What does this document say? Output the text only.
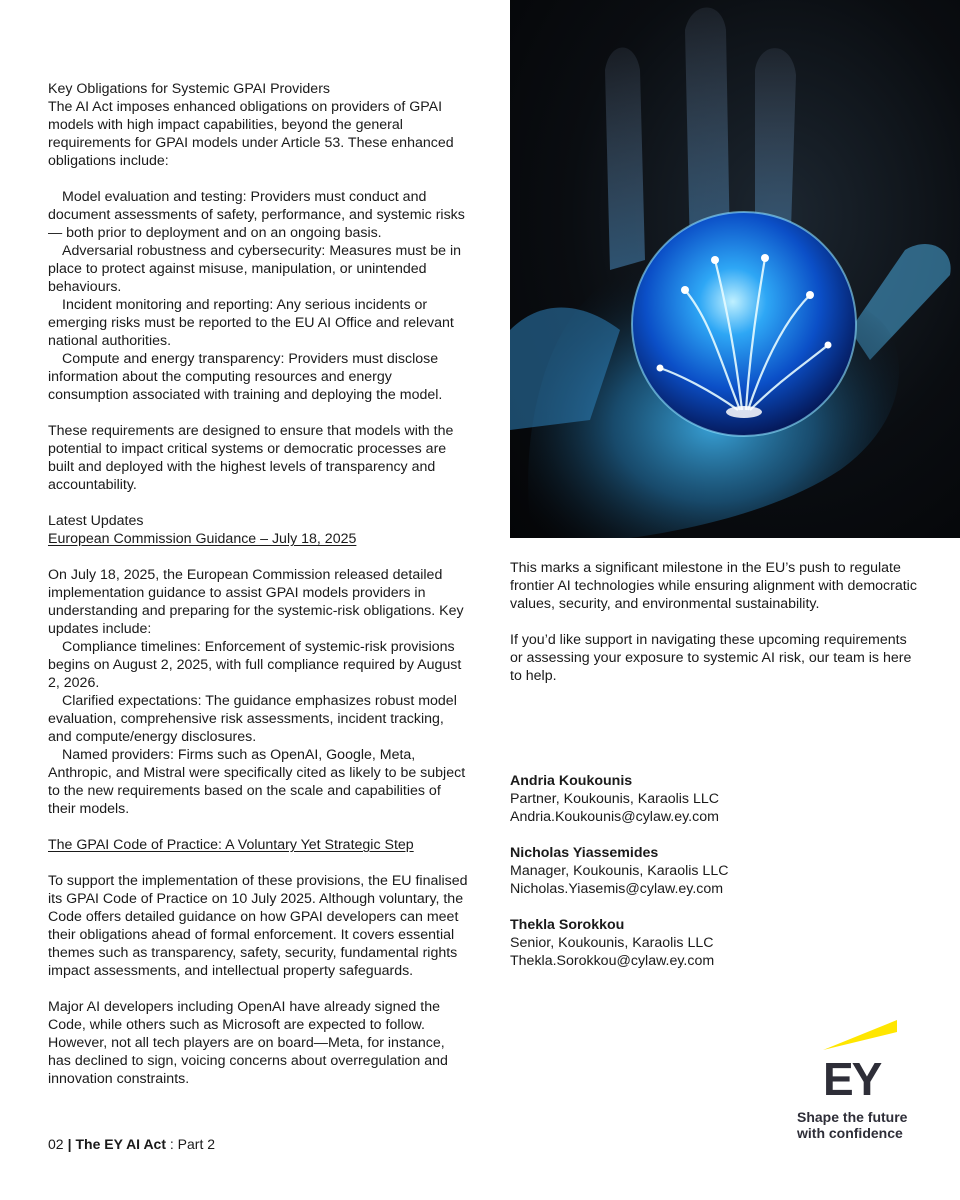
Key Obligations for Systemic GPAI Providers

The AI Act imposes enhanced obligations on providers of GPAI models with high impact capabilities, beyond the general requirements for GPAI models under Article 53. These enhanced obligations include:

Model evaluation and testing: Providers must conduct and document assessments of safety, performance, and systemic risks — both prior to deployment and on an ongoing basis.

Adversarial robustness and cybersecurity: Measures must be in place to protect against misuse, manipulation, or unintended behaviours.

Incident monitoring and reporting: Any serious incidents or emerging risks must be reported to the EU AI Office and relevant national authorities.

Compute and energy transparency: Providers must disclose information about the computing resources and energy consumption associated with training and deploying the model.

These requirements are designed to ensure that models with the potential to impact critical systems or democratic processes are built and deployed with the highest levels of transparency and accountability.

Latest Updates

European Commission Guidance – July 18, 2025

On July 18, 2025, the European Commission released detailed implementation guidance to assist GPAI models providers in understanding and preparing for the systemic-risk obligations. Key updates include:

Compliance timelines: Enforcement of systemic-risk provisions begins on August 2, 2025, with full compliance required by August 2, 2026.

Clarified expectations: The guidance emphasizes robust model evaluation, comprehensive risk assessments, incident tracking, and compute/energy disclosures.

Named providers: Firms such as OpenAI, Google, Meta, Anthropic, and Mistral were specifically cited as likely to be subject to the new requirements based on the scale and capabilities of their models.

The GPAI Code of Practice: A Voluntary Yet Strategic Step

To support the implementation of these provisions, the EU finalised its GPAI Code of Practice on 10 July 2025. Although voluntary, the Code offers detailed guidance on how GPAI developers can meet their obligations ahead of formal enforcement. It covers essential themes such as transparency, safety, security, fundamental rights impact assessments, and intellectual property safeguards.

Major AI developers including OpenAI have already signed the Code, while others such as Microsoft are expected to follow. However, not all tech players are on board—Meta, for instance, has declined to sign, voicing concerns about overregulation and innovation constraints.

This marks a significant milestone in the EU’s push to regulate frontier AI technologies while ensuring alignment with democratic values, security, and environmental sustainability.

If you’d like support in navigating these upcoming requirements or assessing your exposure to systemic AI risk, our team is here to help.

Andria Koukounis

Partner, Koukounis, Karaolis LLC

Andria.Koukounis@cylaw.ey.com

Nicholas Yiassemides

Manager, Koukounis, Karaolis LLC

Nicholas.Yiasemis@cylaw.ey.com

Thekla Sorokkou

Senior, Koukounis, Karaolis LLC

Thekla.Sorokkou@cylaw.ey.com

02 | The EY AI Act : Part 2
EY
Shape the future with confidence
